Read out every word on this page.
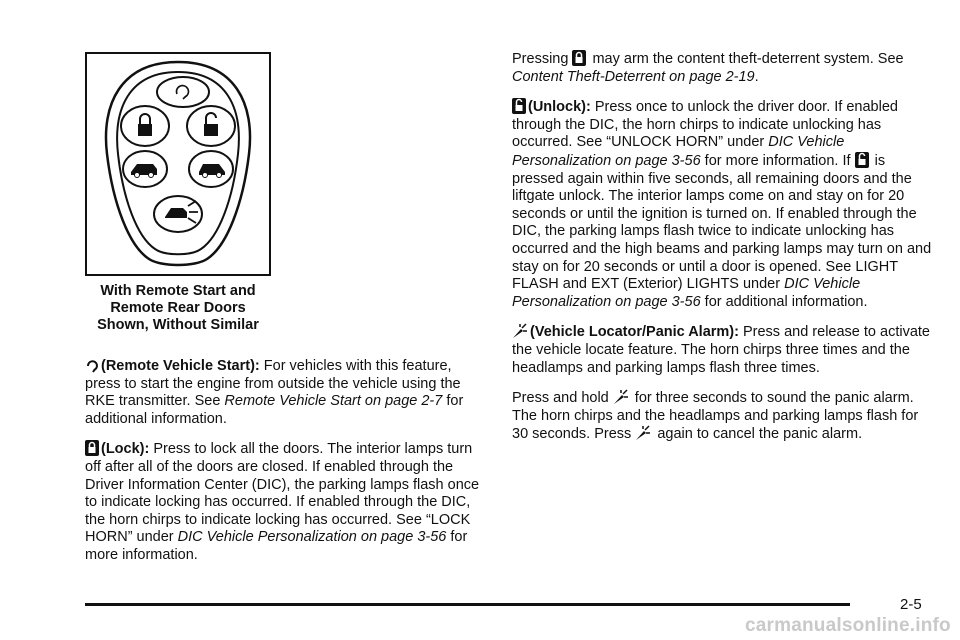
With Remote Start and
Remote Rear Doors
Shown, Without Similar

(Remote Vehicle Start): For vehicles with this feature, press to start the engine from outside the vehicle using the RKE transmitter. See Remote Vehicle Start on page 2-7 for additional information.

(Lock): Press to lock all the doors. The interior lamps turn off after all of the doors are closed. If enabled through the Driver Information Center (DIC), the parking lamps flash once to indicate locking has occurred. If enabled through the DIC, the horn chirps to indicate locking has occurred. See “LOCK HORN” under DIC Vehicle Personalization on page 3-56 for more information.

Pressing  may arm the content theft-deterrent system. See Content Theft-Deterrent on page 2-19.

(Unlock): Press once to unlock the driver door. If enabled through the DIC, the horn chirps to indicate unlocking has occurred. See “UNLOCK HORN” under DIC Vehicle Personalization on page 3-56 for more information. If  is pressed again within five seconds, all remaining doors and the liftgate unlock. The interior lamps come on and stay on for 20 seconds or until the ignition is turned on. If enabled through the DIC, the parking lamps flash twice to indicate unlocking has occurred and the high beams and parking lamps may turn on and stay on for 20 seconds or until a door is opened. See LIGHT FLASH and EXT (Exterior) LIGHTS under DIC Vehicle Personalization on page 3-56 for additional information.

(Vehicle Locator/Panic Alarm): Press and release to activate the vehicle locate feature. The horn chirps three times and the headlamps and parking lamps flash three times.

Press and hold  for three seconds to sound the panic alarm. The horn chirps and the headlamps and parking lamps flash for 30 seconds. Press  again to cancel the panic alarm.

2-5
carmanualsonline.info
